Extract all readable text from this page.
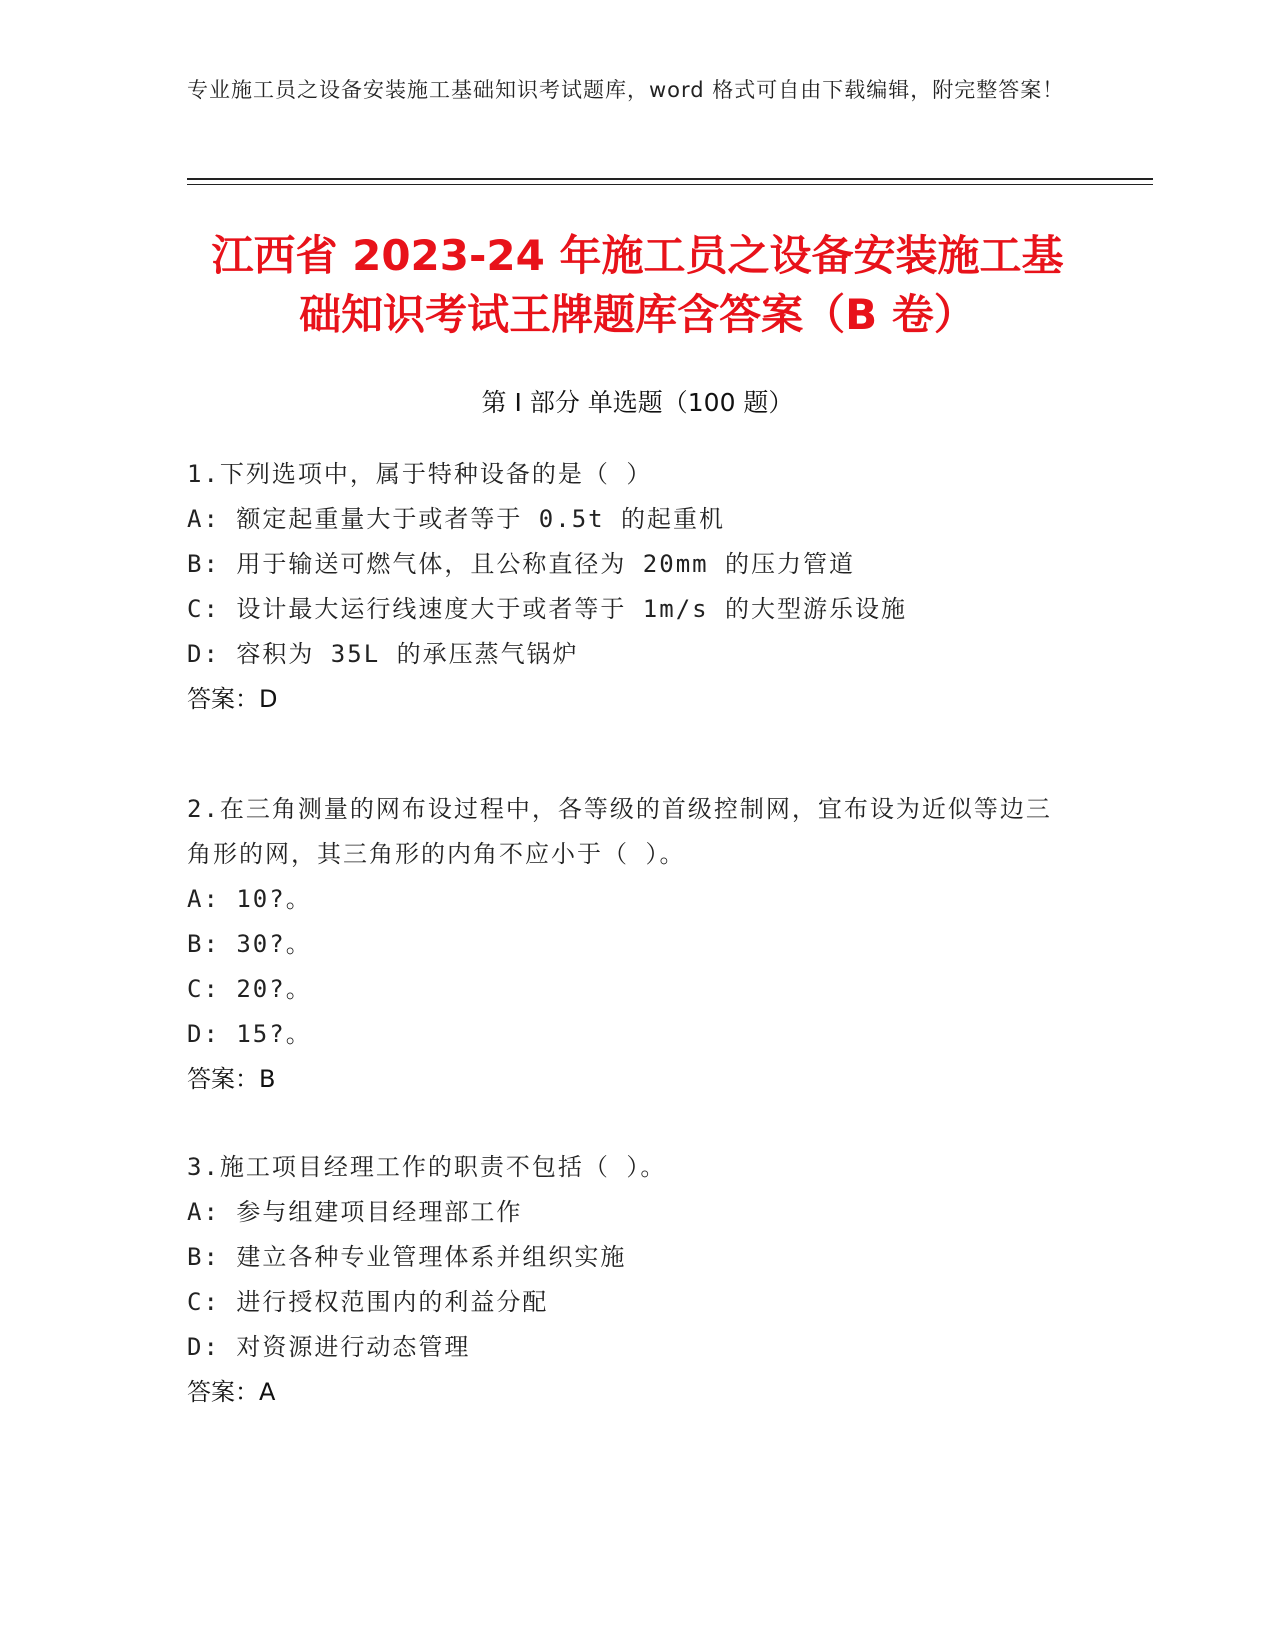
专业施工员之设备安装施工基础知识考试题库，word 格式可自由下载编辑，附完整答案！
江西省 2023-24 年施工员之设备安装施工基
础知识考试王牌题库含答案（B 卷）
第 I 部分 单选题（100 题）
1.下列选项中，属于特种设备的是（ ）
A: 额定起重量大于或者等于 0.5t 的起重机
B: 用于输送可燃气体，且公称直径为 20mm 的压力管道
C: 设计最大运行线速度大于或者等于 1m/s 的大型游乐设施
D: 容积为 35L 的承压蒸气锅炉
答案：D
2.在三角测量的网布设过程中，各等级的首级控制网，宜布设为近似等边三角形的网，其三角形的内角不应小于（ ）。
A: 10?。
B: 30?。
C: 20?。
D: 15?。
答案：B
3.施工项目经理工作的职责不包括（ ）。
A: 参与组建项目经理部工作
B: 建立各种专业管理体系并组织实施
C: 进行授权范围内的利益分配
D: 对资源进行动态管理
答案：A
